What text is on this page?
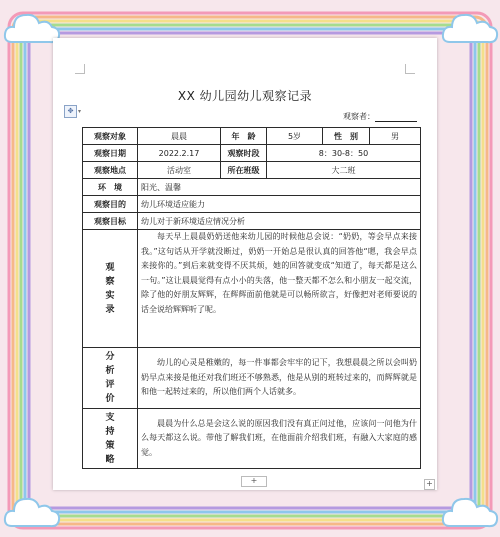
XX 幼儿园幼儿观察记录
观察者：
✥ ▾
观察对象	晨晨	年　龄	5岁	性　别	男
观察日期	2022.2.17	观察时段	8：30-8：50		
观察地点	活动室	所在班级	大二班		
环　境	阳光、温馨				
观察目的	幼儿环境适应能力				
观察目标	幼儿对于新环境适应情况分析				

观察实录	每天早上晨晨奶奶送他来幼儿园的时候他总会说：“奶奶，等会早点来接我。”这句话从开学就没断过，奶奶一开始总是很认真的回答他“嗯，我会早点来接你的。”到后来就变得不厌其烦，她的回答就变成“知道了，每天都是这么一句。”这让晨晨觉得有点小小的失落，他一整天都不怎么和小朋友一起交流，除了他的好朋友辉辉，在辉辉面前他就是可以畅所欲言，好像把对老师要说的话全说给辉辉听了呢。				

分析评价	幼儿的心灵是稚嫩的，每一件事都会牢牢的记下，我想晨晨之所以会叫奶奶早点来接是他还对我们班还不够熟悉，他是从别的班转过来的，而辉辉就是和他一起转过来的，所以他们两个人话就多。				

支持策略	晨晨为什么总是会这么说的原因我们没有真正问过他，应该问一问他为什么每天都这么说。带他了解我们班，在他面前介绍我们班，有融入大家庭的感觉。				
+	+
